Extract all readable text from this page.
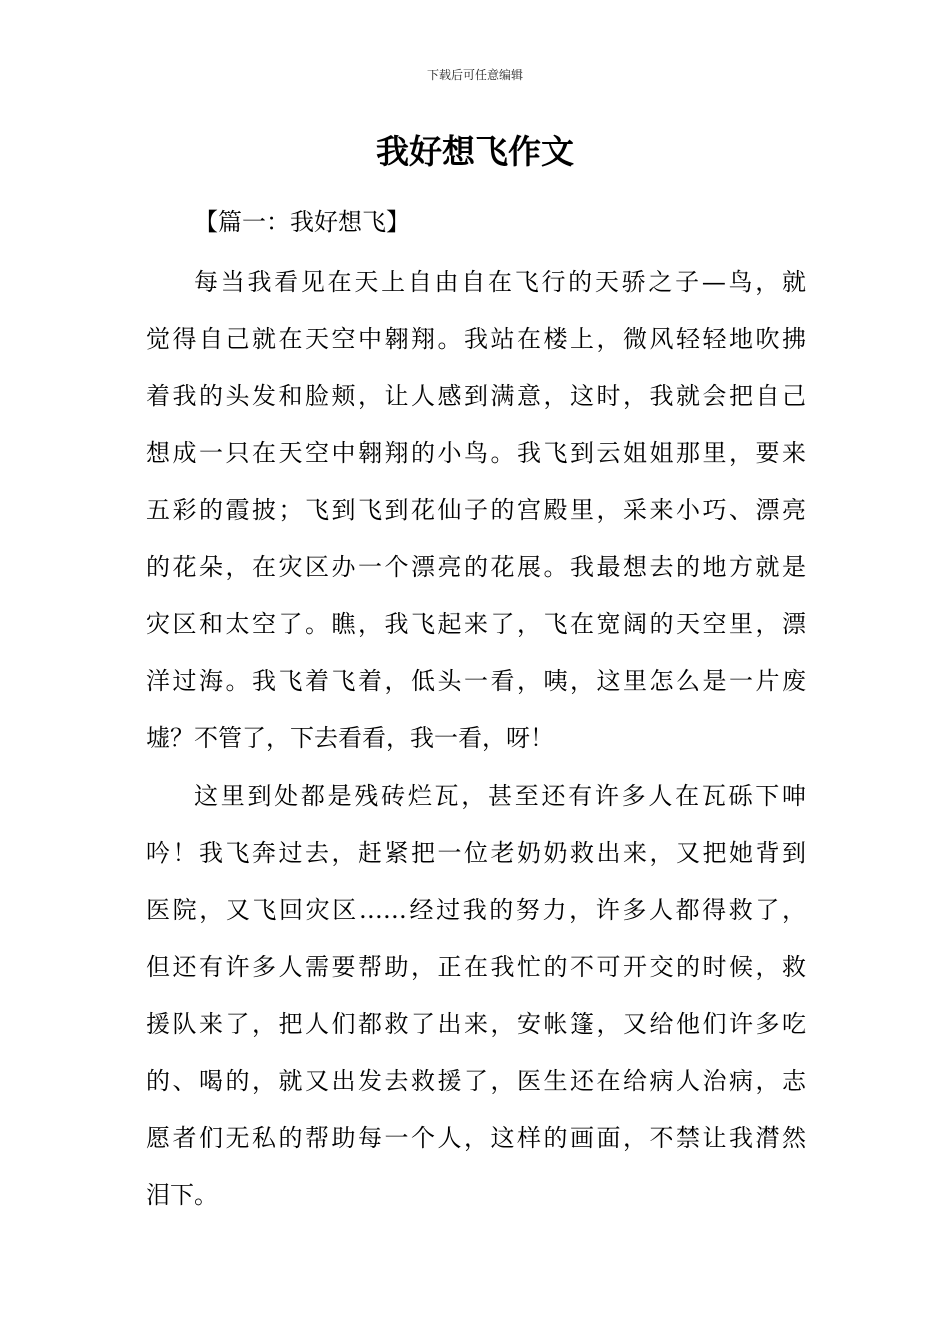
下载后可任意编辑
我好想飞作文

【篇一：我好想飞】

每当我看见在天上自由自在飞行的天骄之子—鸟，就
觉得自己就在天空中翱翔。我站在楼上，微风轻轻地吹拂
着我的头发和脸颊，让人感到满意，这时，我就会把自己
想成一只在天空中翱翔的小鸟。我飞到云姐姐那里，要来
五彩的霞披；飞到飞到花仙子的宫殿里，采来小巧、漂亮
的花朵，在灾区办一个漂亮的花展。我最想去的地方就是
灾区和太空了。瞧，我飞起来了，飞在宽阔的天空里，漂
洋过海。我飞着飞着，低头一看，咦，这里怎么是一片废
墟？不管了，下去看看，我一看，呀！
这里到处都是残砖烂瓦，甚至还有许多人在瓦砾下呻
吟！我飞奔过去，赶紧把一位老奶奶救出来，又把她背到
医院，又飞回灾区……经过我的努力，许多人都得救了，
但还有许多人需要帮助，正在我忙的不可开交的时候，救
援队来了，把人们都救了出来，安帐篷，又给他们许多吃
的、喝的，就又出发去救援了，医生还在给病人治病，志
愿者们无私的帮助每一个人，这样的画面，不禁让我潸然
泪下。
